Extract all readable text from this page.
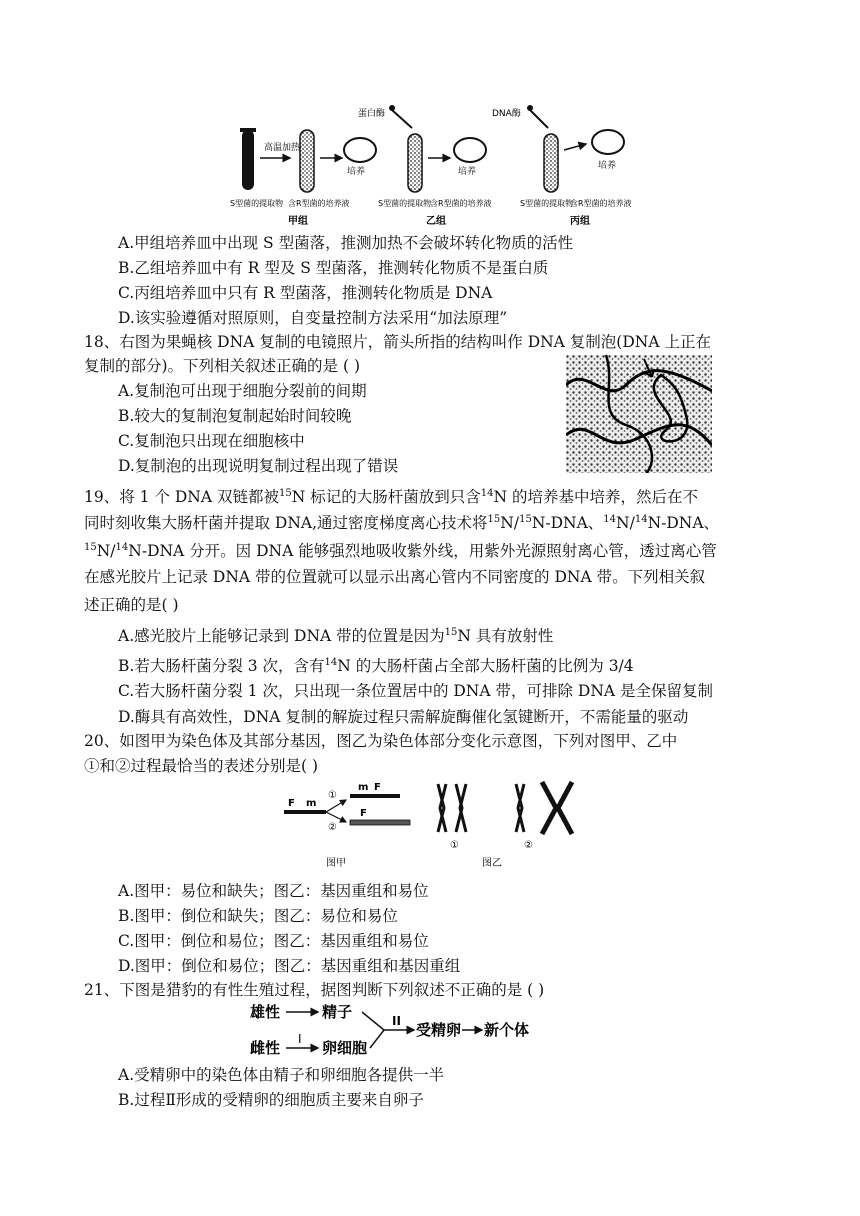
高温加热
培养
S型菌的提取物 含R型菌的培养液
甲组
蛋白酶
培养
S型菌的提取物
含R型菌的培养液
乙组
DNA酶
培养
S型菌的提取物
含R型菌的培养液
丙组
A.甲组培养皿中出现 S 型菌落，推测加热不会破坏转化物质的活性
B.乙组培养皿中有 R 型及 S 型菌落，推测转化物质不是蛋白质
C.丙组培养皿中只有 R 型菌落，推测转化物质是 DNA
D.该实验遵循对照原则，自变量控制方法采用“加法原理”
18、右图为果蝇核 DNA 复制的电镜照片，箭头所指的结构叫作 DNA 复制泡(DNA 上正在
复制的部分)。下列相关叙述正确的是 ( )
A.复制泡可出现于细胞分裂前的间期
B.较大的复制泡复制起始时间较晚
C.复制泡只出现在细胞核中
D.复制泡的出现说明复制过程出现了错误
19、将 1 个 DNA 双链都被$^{15}$N 标记的大肠杆菌放到只含$^{14}$N 的培养基中培养，然后在不
同时刻收集大肠杆菌并提取 DNA,通过密度梯度离心技术将$^{15}$N/$^{15}$N-DNA、$^{14}$N/$^{14}$N-DNA、
$^{15}$N/$^{14}$N-DNA 分开。因 DNA 能够强烈地吸收紫外线，用紫外光源照射离心管，透过离心管
在感光胶片上记录 DNA 带的位置就可以显示出离心管内不同密度的 DNA 带。下列相关叙
述正确的是( )
A.感光胶片上能够记录到 DNA 带的位置是因为$^{15}$N 具有放射性
B.若大肠杆菌分裂 3 次，含有$^{14}$N 的大肠杆菌占全部大肠杆菌的比例为 3/4
C.若大肠杆菌分裂 1 次，只出现一条位置居中的 DNA 带，可排除 DNA 是全保留复制
D.酶具有高效性，DNA 复制的解旋过程只需解旋酶催化氢键断开，不需能量的驱动
20、如图甲为染色体及其部分基因，图乙为染色体部分变化示意图，下列对图甲、乙中
①和②过程最恰当的表述分别是( )
F m
①
②
m F
F
图甲
①	②
图乙
A.图甲：易位和缺失；图乙：基因重组和易位
B.图甲：倒位和缺失；图乙：易位和易位
C.图甲：倒位和易位；图乙：基因重组和易位
D.图甲：倒位和易位；图乙：基因重组和基因重组
21、下图是猎豹的有性生殖过程，据图判断下列叙述不正确的是 ( )
雄性	精子
雌性 I 卵细胞
II 受精卵 新个体
A.受精卵中的染色体由精子和卵细胞各提供一半
B.过程Ⅱ形成的受精卵的细胞质主要来自卵子
